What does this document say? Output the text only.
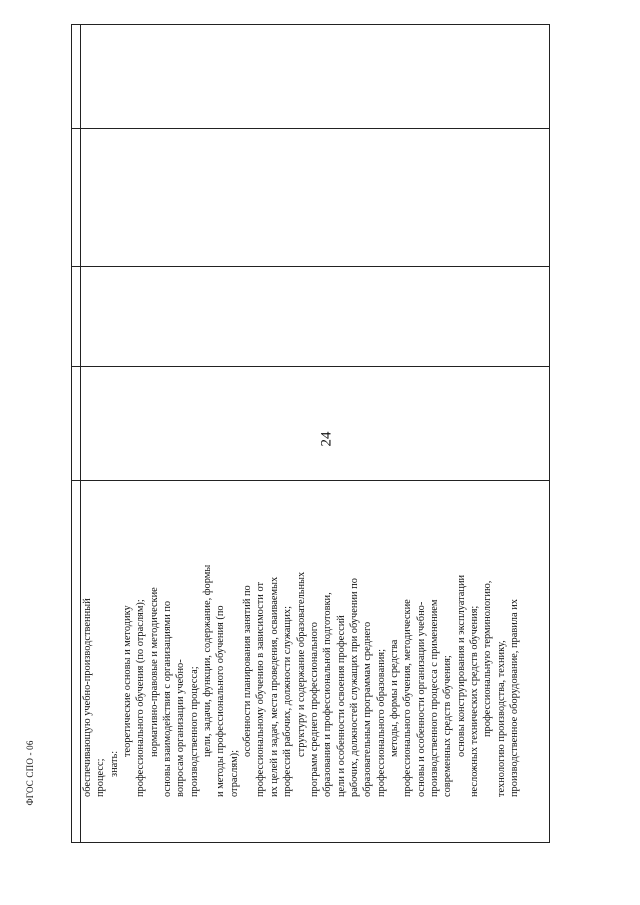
24
обеспечивающую учебно-производственный процесс; знать:
теоретические основы и методику профессионального обучения (по отраслям); нормативно-правовые и методические основы взаимодействия с организациями по вопросам организации учебно- производственного процесса; цели, задачи, функции, содержание, формы и методы профессионального обучения (по отраслям);
особенности планирования занятий по профессиональному обучению в зависимости от их целей и задач, места проведения, осваиваемых профессий рабочих, должности служащих; структуру и содержание образовательных программ среднего профессионального образования и профессиональной подготовки, цели и особенности освоения профессий рабочих, должностей служащих при обучении по образовательным программам среднего профессионального образования; методы, формы и средства профессионального обучения, методические основы и особенности организации учебно- производственного процесса с применением современных средств обучения; основы конструирования и эксплуатации несложных технических средств обучения; профессиональную терминологию, технологию производства, технику, производственное оборудование, правила их
ФГОС СПО - 06
